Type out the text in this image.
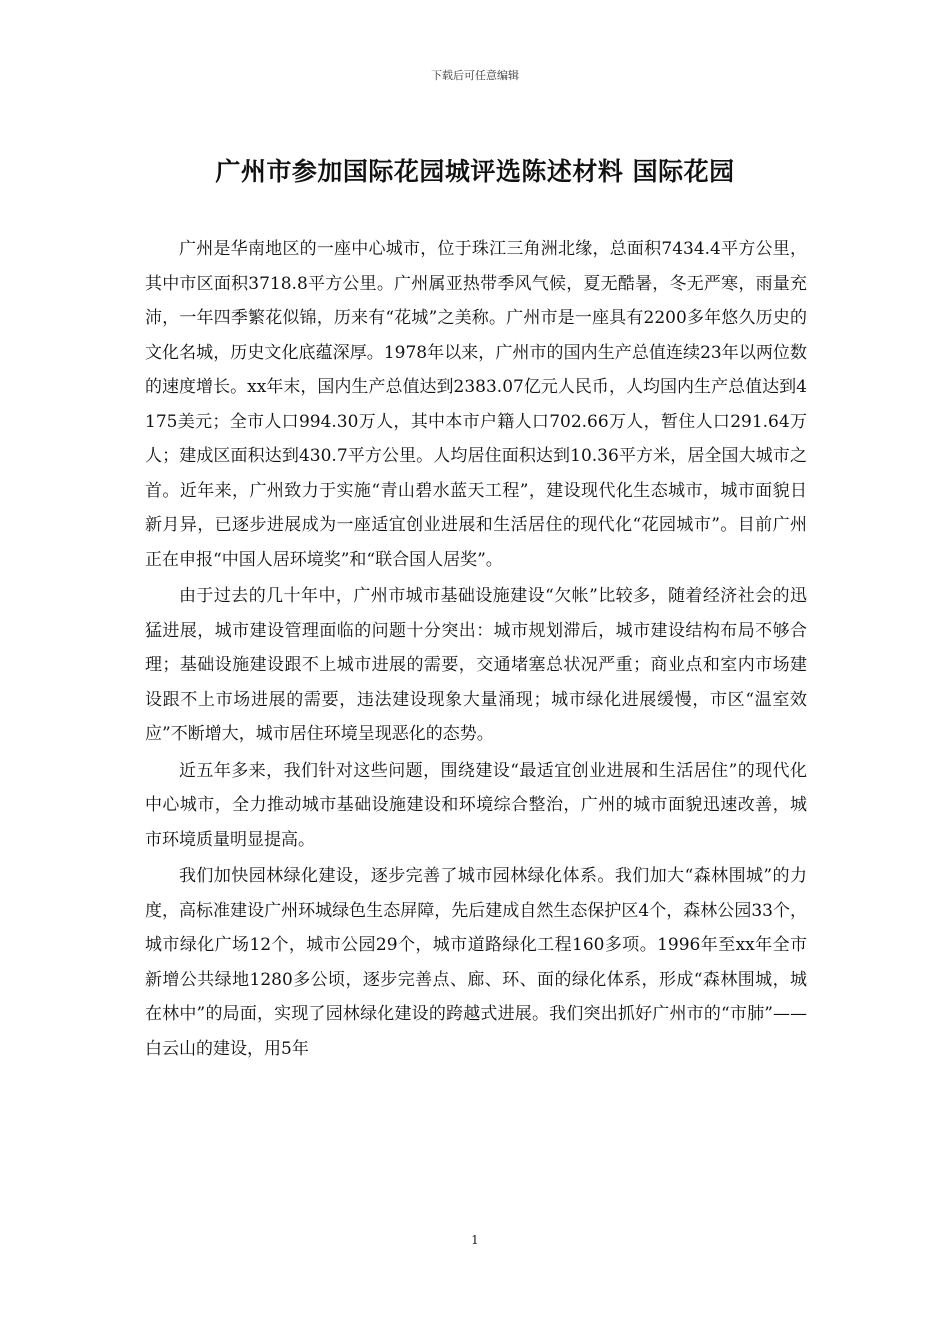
下载后可任意编辑
广州市参加国际花园城评选陈述材料 国际花园

广州是华南地区的一座中心城市，位于珠江三角洲北缘，总面积7434.4平方公里，其中市区面积3718.8平方公里。广州属亚热带季风气候，夏无酷暑，冬无严寒，雨量充沛，一年四季繁花似锦，历来有“花城”之美称。广州市是一座具有2200多年悠久历史的文化名城，历史文化底蕴深厚。1978年以来，广州市的国内生产总值连续23年以两位数的速度增长。xx年末，国内生产总值达到2383.07亿元人民币，人均国内生产总值达到4175美元；全市人口994.30万人，其中本市户籍人口702.66万人，暂住人口291.64万人；建成区面积达到430.7平方公里。人均居住面积达到10.36平方米，居全国大城市之首。近年来，广州致力于实施“青山碧水蓝天工程”，建设现代化生态城市，城市面貌日新月异，已逐步进展成为一座适宜创业进展和生活居住的现代化“花园城市”。目前广州正在申报“中国人居环境奖”和“联合国人居奖”。

由于过去的几十年中，广州市城市基础设施建设“欠帐”比较多，随着经济社会的迅猛进展，城市建设管理面临的问题十分突出：城市规划滞后，城市建设结构布局不够合理；基础设施建设跟不上城市进展的需要，交通堵塞总状况严重；商业点和室内市场建设跟不上市场进展的需要，违法建设现象大量涌现；城市绿化进展缓慢，市区“温室效应”不断增大，城市居住环境呈现恶化的态势。

近五年多来，我们针对这些问题，围绕建设“最适宜创业进展和生活居住”的现代化中心城市，全力推动城市基础设施建设和环境综合整治，广州的城市面貌迅速改善，城市环境质量明显提高。

我们加快园林绿化建设，逐步完善了城市园林绿化体系。我们加大“森林围城”的力度，高标准建设广州环城绿色生态屏障，先后建成自然生态保护区4个，森林公园33个，城市绿化广场12个，城市公园29个，城市道路绿化工程160多项。1996年至xx年全市新增公共绿地1280多公顷，逐步完善点、廊、环、面的绿化体系，形成“森林围城，城在林中”的局面，实现了园林绿化建设的跨越式进展。我们突出抓好广州市的“市肺”——白云山的建设，用5年

1
